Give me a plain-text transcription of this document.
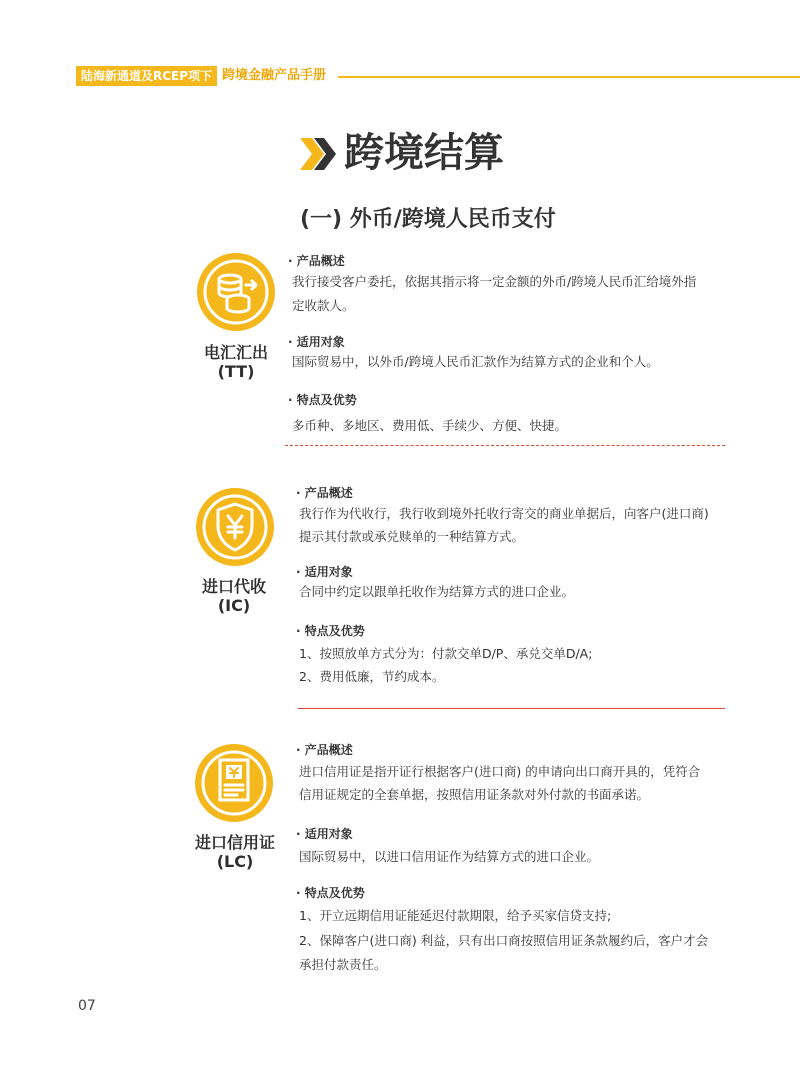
陆海新通道及RCEP项下 跨境金融产品手册
跨境结算
(一) 外币/跨境人民币支付
电汇汇出
(TT)
· 产品概述
我行接受客户委托，依据其指示将一定金额的外币/跨境人民币汇给境外指
定收款人。
· 适用对象
国际贸易中，以外币/跨境人民币汇款作为结算方式的企业和个人。
· 特点及优势
多币种、多地区、费用低、手续少、方便、快捷。
进口代收
(IC)
· 产品概述
我行作为代收行，我行收到境外托收行寄交的商业单据后，向客户(进口商)
提示其付款或承兑赎单的一种结算方式。
· 适用对象
合同中约定以跟单托收作为结算方式的进口企业。
· 特点及优势
1、按照放单方式分为：付款交单D/P、承兑交单D/A;
2、费用低廉，节约成本。
进口信用证
(LC)
· 产品概述
进口信用证是指开证行根据客户(进口商) 的申请向出口商开具的，凭符合
信用证规定的全套单据，按照信用证条款对外付款的书面承诺。
· 适用对象
国际贸易中，以进口信用证作为结算方式的进口企业。
· 特点及优势
1、开立远期信用证能延迟付款期限，给予买家信贷支持;
2、保障客户(进口商) 利益，只有出口商按照信用证条款履约后，客户才会
承担付款责任。
07
